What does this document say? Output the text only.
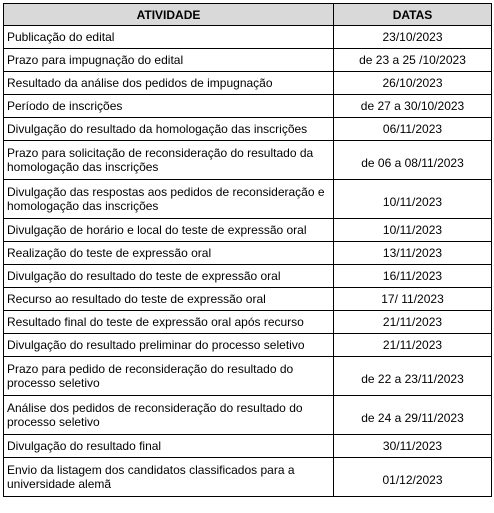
ATIVIDADE	DATAS
Publicação do edital	23/10/2023
Prazo para impugnação do edital	de 23 a 25 /10/2023
Resultado da análise dos pedidos de impugnação	26/10/2023
Período de inscrições	de 27 a 30/10/2023
Divulgação do resultado da homologação das inscrições	06/11/2023
Prazo para solicitação de reconsideração do resultado da homologação das inscrições	de 06 a 08/11/2023
Divulgação das respostas aos pedidos de reconsideração e homologação das inscrições	10/11/2023
Divulgação de horário e local do teste de expressão oral	10/11/2023
Realização do teste de expressão oral	13/11/2023
Divulgação do resultado do teste de expressão oral	16/11/2023
Recurso ao resultado do teste de expressão oral	17/ 11/2023
Resultado final do teste de expressão oral após recurso	21/11/2023
Divulgação do resultado preliminar do processo seletivo	21/11/2023
Prazo para pedido de reconsideração do resultado do processo seletivo	de 22 a 23/11/2023
Análise dos pedidos de reconsideração do resultado do processo seletivo	de 24 a 29/11/2023
Divulgação do resultado final	30/11/2023
Envio da listagem dos candidatos classificados para a universidade alemã	01/12/2023
